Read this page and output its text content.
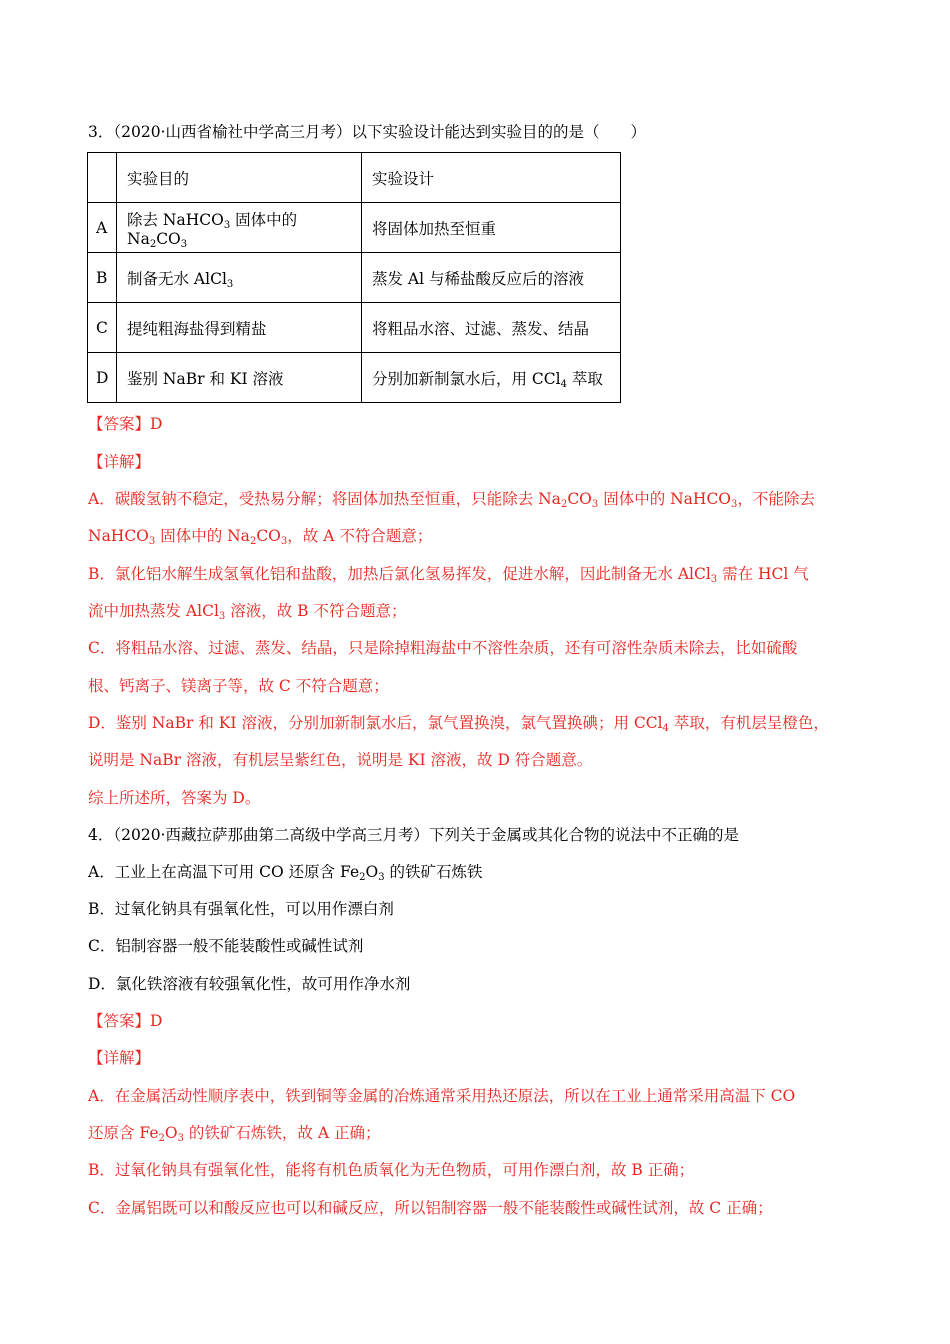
3．（2020·山西省榆社中学高三月考）以下实验设计能达到实验目的的是（　　）
	实验目的	实验设计
A	除去 NaHCO$_3$ 固体中的 $Na_2CO_3$	将固体加热至恒重
B	制备无水 AlCl$_3$	蒸发 Al 与稀盐酸反应后的溶液
C	提纯粗海盐得到精盐	将粗品水溶、过滤、蒸发、结晶
D	鉴别 NaBr 和 KI 溶液	分别加新制氯水后，用 CCl$_4$ 萃取
【答案】D
【详解】
A．碳酸氢钠不稳定，受热易分解；将固体加热至恒重，只能除去 $Na_2CO_3$ 固体中的 NaHCO$_3$，不能除去
NaHCO$_3$ 固体中的 $Na_2CO_3$，故 A 不符合题意；
B．氯化铝水解生成氢氧化铝和盐酸，加热后氯化氢易挥发，促进水解，因此制备无水 AlCl$_3$ 需在 HCl 气
流中加热蒸发 AlCl$_3$ 溶液，故 B 不符合题意；
C．将粗品水溶、过滤、蒸发、结晶，只是除掉粗海盐中不溶性杂质，还有可溶性杂质未除去，比如硫酸
根、钙离子、镁离子等，故 C 不符合题意；
D．鉴别 NaBr 和 KI 溶液，分别加新制氯水后，氯气置换溴，氯气置换碘；用 CCl$_4$ 萃取，有机层呈橙色，
说明是 NaBr 溶液，有机层呈紫红色，说明是 KI 溶液，故 D 符合题意。
综上所述所，答案为 D。
4．（2020·西藏拉萨那曲第二高级中学高三月考）下列关于金属或其化合物的说法中不正确的是
A．工业上在高温下可用 CO 还原含 $Fe_2O_3$ 的铁矿石炼铁
B．过氧化钠具有强氧化性，可以用作漂白剂
C．铝制容器一般不能装酸性或碱性试剂
D．氯化铁溶液有较强氧化性，故可用作净水剂
【答案】D
【详解】
A．在金属活动性顺序表中，铁到铜等金属的冶炼通常采用热还原法，所以在工业上通常采用高温下 CO
还原含 $Fe_2O_3$ 的铁矿石炼铁，故 A 正确；
B．过氧化钠具有强氧化性，能将有机色质氧化为无色物质，可用作漂白剂，故 B 正确；
C．金属铝既可以和酸反应也可以和碱反应，所以铝制容器一般不能装酸性或碱性试剂，故 C 正确；
